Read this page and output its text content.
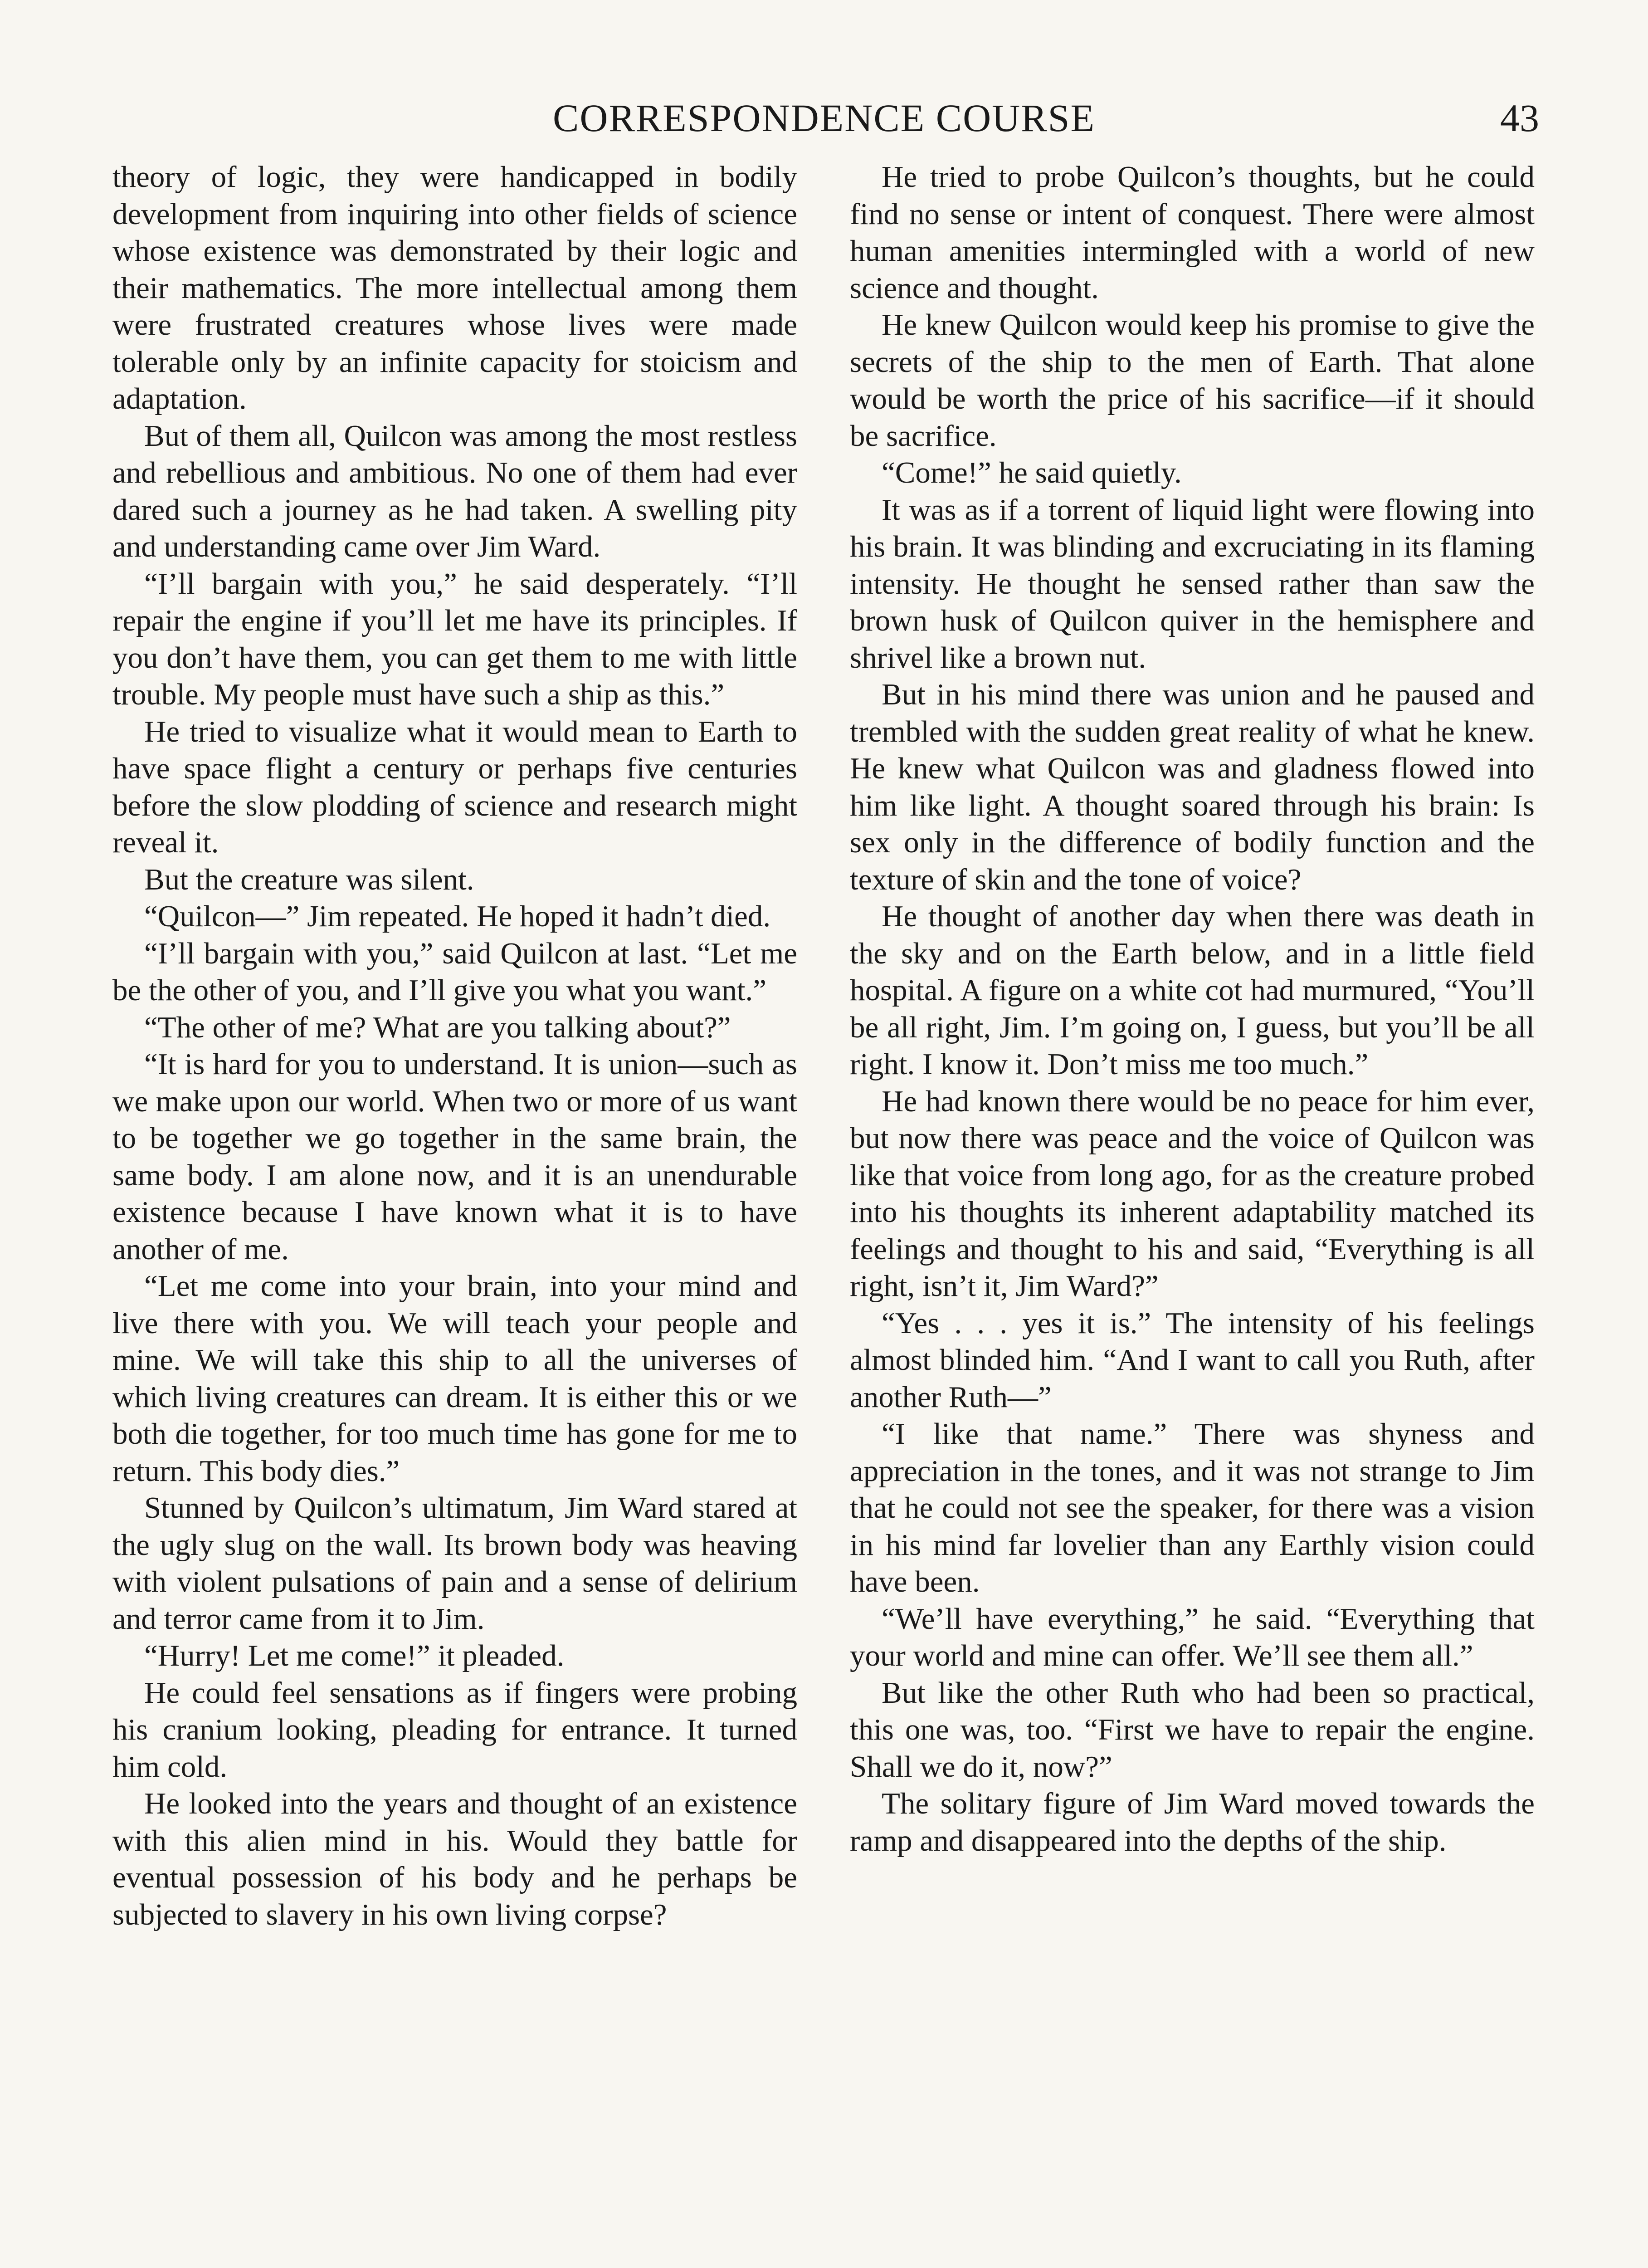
CORRESPONDENCE COURSE	43

theory of logic, they were handicapped in bodily development from inquiring into other fields of science whose existence was demonstrated by their logic and their mathematics. The more intellectual among them were frustrated creatures whose lives were made tolerable only by an infinite capacity for stoicism and adaptation.

But of them all, Quilcon was among the most restless and rebellious and ambitious. No one of them had ever dared such a journey as he had taken. A swelling pity and understanding came over Jim Ward.

“I’ll bargain with you,” he said desperately. “I’ll repair the engine if you’ll let me have its principles. If you don’t have them, you can get them to me with little trouble. My people must have such a ship as this.”

He tried to visualize what it would mean to Earth to have space flight a century or perhaps five centuries before the slow plodding of science and research might reveal it.

But the creature was silent.

“Quilcon—” Jim repeated. He hoped it hadn’t died.

“I’ll bargain with you,” said Quilcon at last. “Let me be the other of you, and I’ll give you what you want.”

“The other of me? What are you talking about?”

“It is hard for you to understand. It is union—such as we make upon our world. When two or more of us want to be together we go together in the same brain, the same body. I am alone now, and it is an unendurable existence because I have known what it is to have another of me.

“Let me come into your brain, into your mind and live there with you. We will teach your people and mine. We will take this ship to all the universes of which living creatures can dream. It is either this or we both die together, for too much time has gone for me to return. This body dies.”

Stunned by Quilcon’s ultimatum, Jim Ward stared at the ugly slug on the wall. Its brown body was heaving with violent pulsations of pain and a sense of delirium and terror came from it to Jim.

“Hurry! Let me come!” it pleaded.

He could feel sensations as if fingers were probing his cranium looking, pleading for entrance. It turned him cold.

He looked into the years and thought of an existence with this alien mind in his. Would they battle for eventual possession of his body and he perhaps be subjected to slavery in his own living corpse?

He tried to probe Quilcon’s thoughts, but he could find no sense or intent of conquest. There were almost human amenities intermingled with a world of new science and thought.

He knew Quilcon would keep his promise to give the secrets of the ship to the men of Earth. That alone would be worth the price of his sacrifice—if it should be sacrifice.

“Come!” he said quietly.

It was as if a torrent of liquid light were flowing into his brain. It was blinding and excruciating in its flaming intensity. He thought he sensed rather than saw the brown husk of Quilcon quiver in the hemisphere and shrivel like a brown nut.

But in his mind there was union and he paused and trembled with the sudden great reality of what he knew. He knew what Quilcon was and gladness flowed into him like light. A thought soared through his brain: Is sex only in the difference of bodily function and the texture of skin and the tone of voice?

He thought of another day when there was death in the sky and on the Earth below, and in a little field hospital. A figure on a white cot had murmured, “You’ll be all right, Jim. I’m going on, I guess, but you’ll be all right. I know it. Don’t miss me too much.”

He had known there would be no peace for him ever, but now there was peace and the voice of Quilcon was like that voice from long ago, for as the creature probed into his thoughts its inherent adaptability matched its feelings and thought to his and said, “Everything is all right, isn’t it, Jim Ward?”

“Yes . . . yes it is.” The intensity of his feelings almost blinded him. “And I want to call you Ruth, after another Ruth—”

“I like that name.” There was shyness and appreciation in the tones, and it was not strange to Jim that he could not see the speaker, for there was a vision in his mind far lovelier than any Earthly vision could have been.

“We’ll have everything,” he said. “Everything that your world and mine can offer. We’ll see them all.”

But like the other Ruth who had been so practical, this one was, too. “First we have to repair the engine. Shall we do it, now?”

The solitary figure of Jim Ward moved towards the ramp and disappeared into the depths of the ship.
